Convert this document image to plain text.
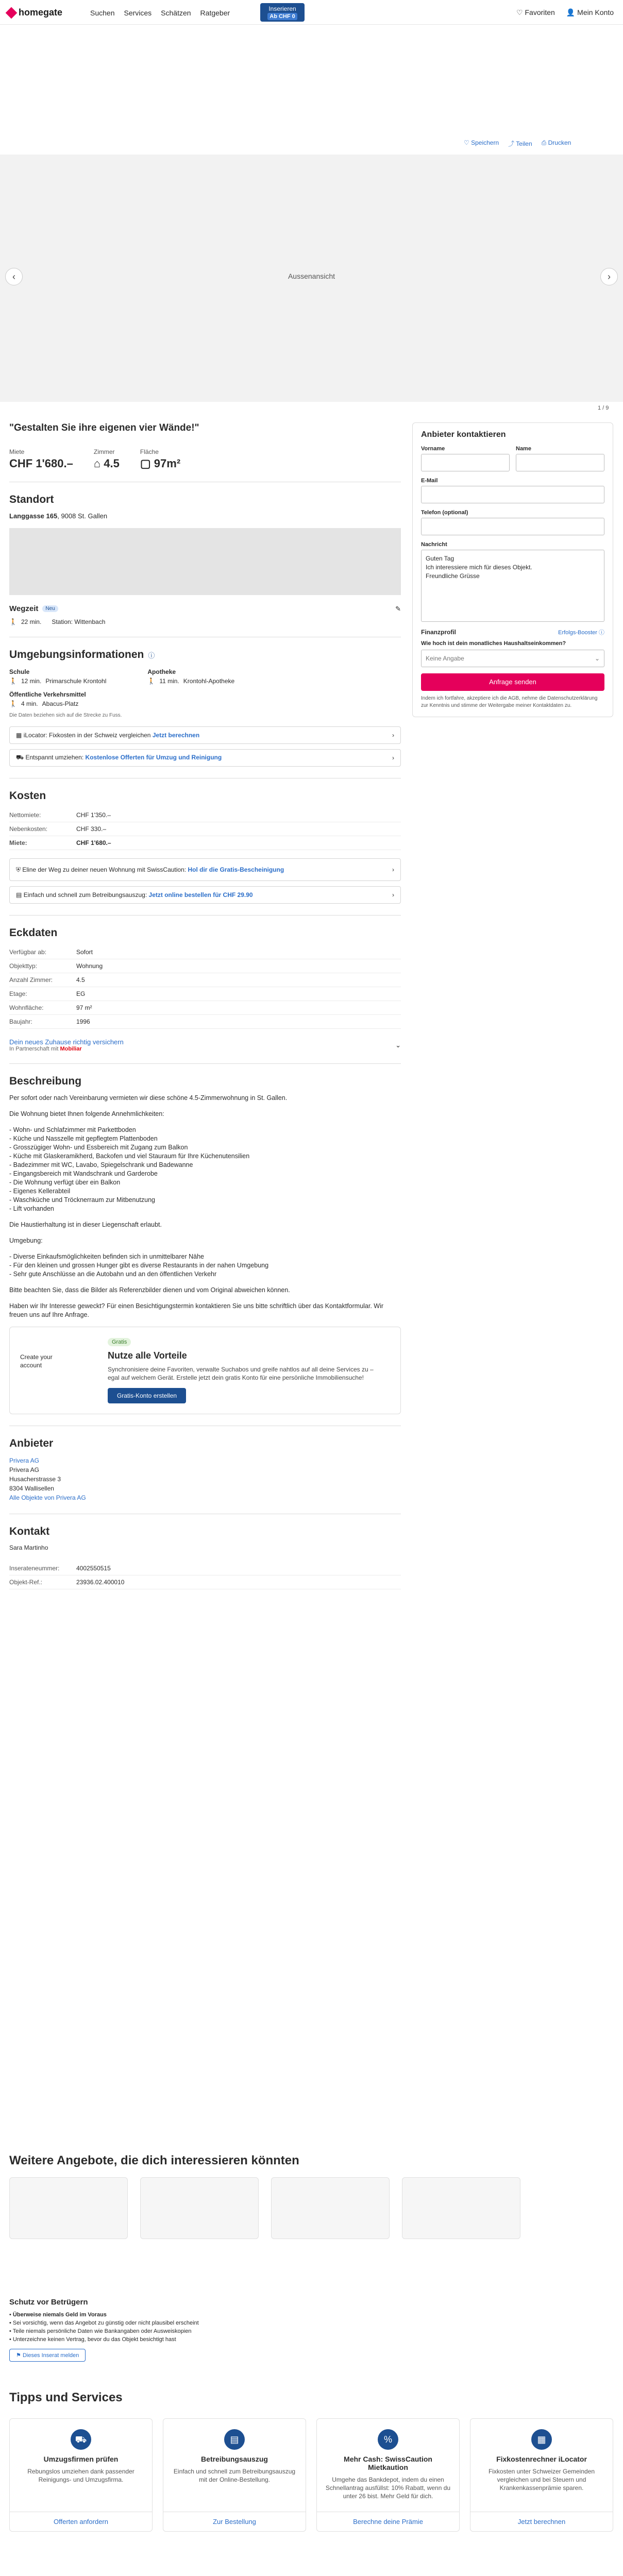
homegate	Suchen Services Schätzen Ratgeber	Inserieren
Ab CHF 0	♡ Favoriten 👤 Mein Konto
♡ Speichern ⤴ Teilen ⎙ Drucken
Aussenansicht
‹	›
1 / 9
"Gestalten Sie ihre eigenen vier Wände!"
Miete
CHF 1'680.–
Zimmer
⌂ 4.5
Fläche
▢ 97m²
Standort
Langgasse 165, 9008 St. Gallen
Wegzeit	Neu	✎
🚶 22 min. Station: Wittenbach
Umgebungsinformationen ⓘ
Schule
🚶 12 min. Primarschule Krontohl
Apotheke
🚶 11 min. Krontohl-Apotheke
Öffentliche Verkehrsmittel
🚶 4 min. Abacus-Platz
Die Daten beziehen sich auf die Strecke zu Fuss.
▦ iLocator: Fixkosten in der Schweiz vergleichen Jetzt berechnen	›
⛟ Entspannt umziehen: Kostenlose Offerten für Umzug und Reinigung	›
Kosten
Nettomiete:	CHF 1'350.–
Nebenkosten:	CHF 330.–
Miete:	CHF 1'680.–
⛨ Eline der Weg zu deiner neuen Wohnung mit SwissCaution: Hol dir die Gratis-Bescheinigung	›
▤ Einfach und schnell zum Betreibungsauszug: Jetzt online bestellen für CHF 29.90	›
Eckdaten
Verfügbar ab:	Sofort
Objekttyp:	Wohnung
Anzahl Zimmer:	4.5
Etage:	EG
Wohnfläche:	97 m²
Baujahr:	1996
Dein neues Zuhause richtig versichern
In Partnerschaft mit Mobiliar
⌄
Beschreibung

Per sofort oder nach Vereinbarung vermieten wir diese schöne 4.5-Zimmerwohnung in St. Gallen.

Die Wohnung bietet Ihnen folgende Annehmlichkeiten:

- Wohn- und Schlafzimmer mit Parkettboden
- Küche und Nasszelle mit gepflegtem Plattenboden
- Grosszügiger Wohn- und Essbereich mit Zugang zum Balkon
- Küche mit Glaskeramikherd, Backofen und viel Stauraum für Ihre Küchenutensilien
- Badezimmer mit WC, Lavabo, Spiegelschrank und Badewanne
- Eingangsbereich mit Wandschrank und Garderobe
- Die Wohnung verfügt über ein Balkon
- Eigenes Kellerabteil
- Waschküche und Tröcknerraum zur Mitbenutzung
- Lift vorhanden

Die Haustierhaltung ist in dieser Liegenschaft erlaubt.

Umgebung:

- Diverse Einkaufsmöglichkeiten befinden sich in unmittelbarer Nähe
- Für den kleinen und grossen Hunger gibt es diverse Restaurants in der nahen Umgebung
- Sehr gute Anschlüsse an die Autobahn und an den öffentlichen Verkehr

Bitte beachten Sie, dass die Bilder als Referenzbilder dienen und vom Original abweichen können.

Haben wir Ihr Interesse geweckt? Für einen Besichtigungstermin kontaktieren Sie uns bitte schriftlich über das Kontaktformular. Wir freuen uns auf Ihre Anfrage.

Create your account
Gratis
Nutze alle Vorteile
Synchronisiere deine Favoriten, verwalte Suchabos und greife nahtlos auf all deine Services zu – egal auf welchem Gerät. Erstelle jetzt dein gratis Konto für eine persönliche Immobiliensuche!
Gratis-Konto erstellen
Anbieter
Privera AG
Privera AG
Husacherstrasse 3
8304 Wallisellen
Alle Objekte von Privera AG
Kontakt
Sara Martinho
Inserateneummer:	4002550515
Objekt-Ref.:	23936.02.400010
Anbieter kontaktieren
Vorname	Name
E-Mail
Telefon (optional)
Nachricht
Guten Tag
Ich interessiere mich für dieses Objekt.
Freundliche Grüsse
Finanzprofil	Erfolgs-Booster ⓘ
Wie hoch ist dein monatliches Haushaltseinkommen?
Keine Angabe	⌄
Anfrage senden
Indem ich fortfahre, akzeptiere ich die AGB, nehme die Datenschutzerklärung zur Kenntnis und stimme der Weitergabe meiner Kontaktdaten zu.
Weitere Angebote, die dich interessieren könnten
Schutz vor Betrügern
• Überweise niemals Geld im Voraus
• Sei vorsichtig, wenn das Angebot zu günstig oder nicht plausibel erscheint
• Teile niemals persönliche Daten wie Bankangaben oder Ausweiskopien
• Unterzeichne keinen Vertrag, bevor du das Objekt besichtigt hast
⚑ Dieses Inserat melden
Tipps und Services
⛟
Umzugsfirmen prüfen

Rebungslos umziehen dank passender Reinigungs- und Umzugsfirma.

Offerten anfordern
▤
Betreibungsauszug

Einfach und schnell zum Betreibungsauszug mit der Online-Bestellung.

Zur Bestellung
%
Mehr Cash: SwissCaution Mietkaution

Umgehe das Bankdepot, indem du einen Schnellantrag ausfüllst: 10% Rabatt, wenn du unter 26 bist. Mehr Geld für dich.

Berechne deine Prämie
▦
Fixkostenrechner iLocator

Fixkosten unter Schweizer Gemeinden vergleichen und bei Steuern und Krankenkassenprämie sparen.

Jetzt berechnen
